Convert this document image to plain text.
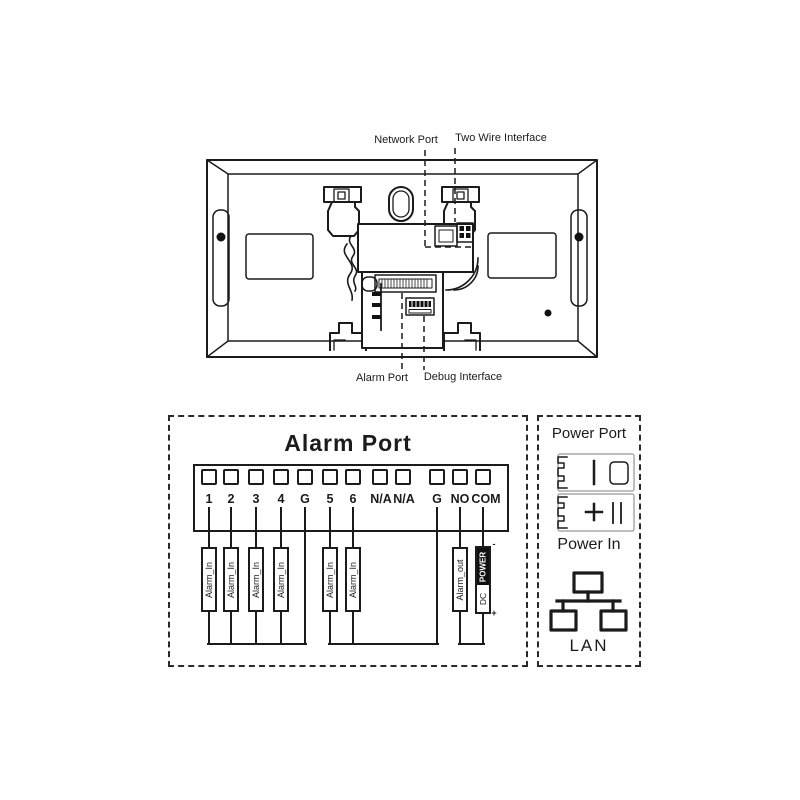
Network Port Two Wire Interface
Alarm Port Debug Interface
Alarm Port
1 2 3 4 G 5 6 N/A N/A G NO COM
Alarm_In Alarm_In Alarm_In Alarm_In	Alarm_In Alarm_In	Alarm_out POWER
DC
-
+
Power Port
Power In
LAN
